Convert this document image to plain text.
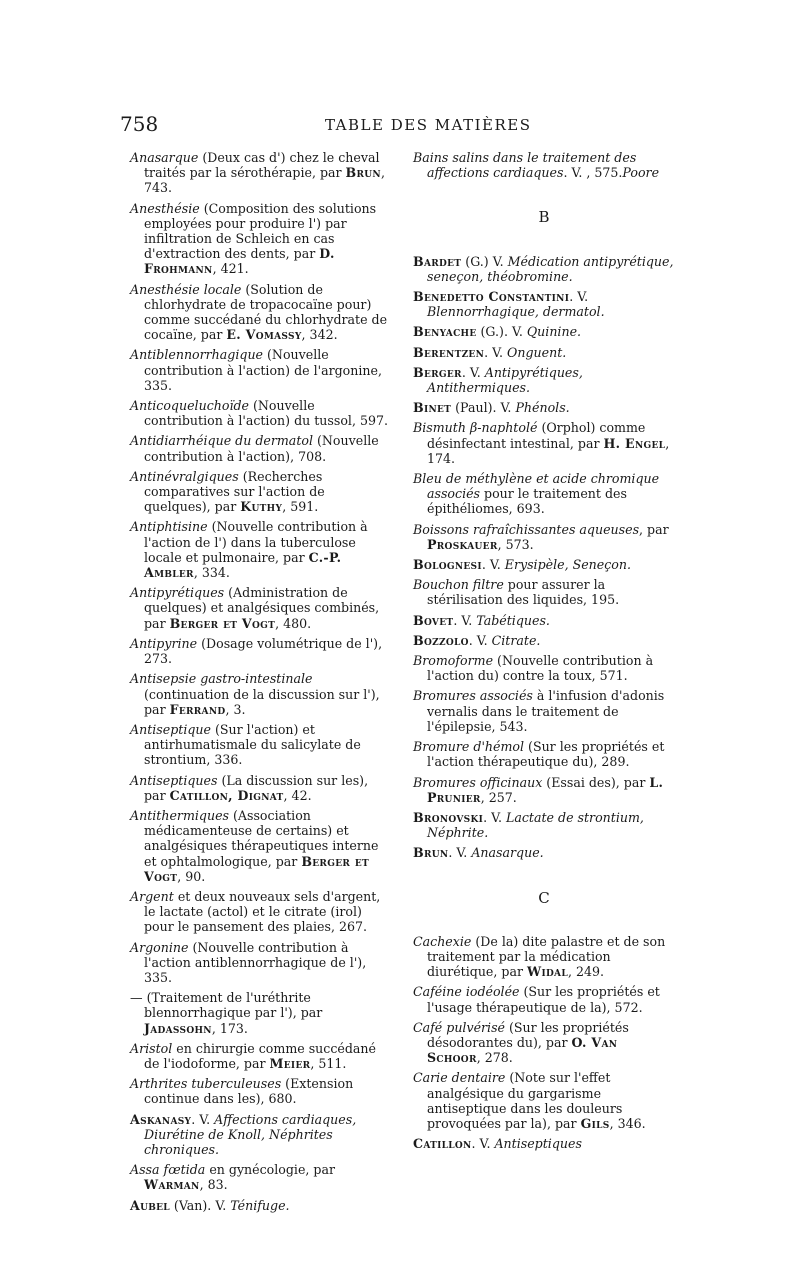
758	TABLE DES MATIÈRES
Anasarque (Deux cas d') chez le cheval traités par la sérothérapie, par Brun, 743.
Anesthésie (Composition des solutions employées pour produire l') par infiltration de Schleich en cas d'extraction des dents, par D. Frohmann, 421.
Anesthésie locale (Solution de chlorhydrate de tropacocaïne pour) comme succédané du chlorhydrate de cocaïne, par E. Vomassy, 342.
Antiblennorrhagique (Nouvelle contribution à l'action) de l'argonine, 335.
Anticoqueluchoïde (Nouvelle contribution à l'action) du tussol, 597.
Antidiarrhéique du dermatol (Nouvelle contribution à l'action), 708.
Antinévralgiques (Recherches comparatives sur l'action de quelques), par Kuthy, 591.
Antiphtisine (Nouvelle contribution à l'action de l') dans la tuberculose locale et pulmonaire, par C.-P. Ambler, 334.
Antipyrétiques (Administration de quelques) et analgésiques combinés, par Berger et Vogt, 480.
Antipyrine (Dosage volumétrique de l'), 273.
Antisepsie gastro-intestinale (continuation de la discussion sur l'), par Ferrand, 3.
Antiseptique (Sur l'action) et antirhumatismale du salicylate de strontium, 336.
Antiseptiques (La discussion sur les), par Catillon, Dignat, 42.
Antithermiques (Association médicamenteuse de certains) et analgésiques thérapeutiques interne et ophtalmologique, par Berger et Vogt, 90.
Argent et deux nouveaux sels d'argent, le lactate (actol) et le citrate (irol) pour le pansement des plaies, 267.
Argonine (Nouvelle contribution à l'action antiblennorrhagique de l'), 335.
— (Traitement de l'uréthrite blennorrhagique par l'), par Jadassohn, 173.
Aristol en chirurgie comme succédané de l'iodoforme, par Meier, 511.
Arthrites tuberculeuses (Extension continue dans les), 680.
Askanasy. V. Affections cardiaques, Diurétine de Knoll, Néphrites chroniques.
Assa fœtida en gynécologie, par Warman, 83.
Aubel (Van). V. Ténifuge.
Bains salins dans le traitement des affections cardiaques. V. , 575.Poore
B
Bardet (G.) V. Médication antipyrétique, seneçon, théobromine.
Benedetto Constantini. V. Blennorrhagique, dermatol.
Benyache (G.). V. Quinine.
Berentzen. V. Onguent.
Berger. V. Antipyrétiques, Antithermiques.
Binet (Paul). V. Phénols.
Bismuth β-naphtolé (Orphol) comme désinfectant intestinal, par H. Engel, 174.
Bleu de méthylène et acide chromique associés pour le traitement des épithéliomes, 693.
Boissons rafraîchissantes aqueuses, par Proskauer, 573.
Bolognesi. V. Erysipèle, Seneçon.
Bouchon filtre pour assurer la stérilisation des liquides, 195.
Bovet. V. Tabétiques.
Bozzolo. V. Citrate.
Bromoforme (Nouvelle contribution à l'action du) contre la toux, 571.
Bromures associés à l'infusion d'adonis vernalis dans le traitement de l'épilepsie, 543.
Bromure d'hémol (Sur les propriétés et l'action thérapeutique du), 289.
Bromures officinaux (Essai des), par L. Prunier, 257.
Bronovski. V. Lactate de strontium, Néphrite.
Brun. V. Anasarque.
C
Cachexie (De la) dite palastre et de son traitement par la médication diurétique, par Widal, 249.
Caféine iodéolée (Sur les propriétés et l'usage thérapeutique de la), 572.
Café pulvérisé (Sur les propriétés désodorantes du), par O. Van Schoor, 278.
Carie dentaire (Note sur l'effet analgésique du gargarisme antiseptique dans les douleurs provoquées par la), par Gils, 346.
Catillon. V. Antiseptiques
